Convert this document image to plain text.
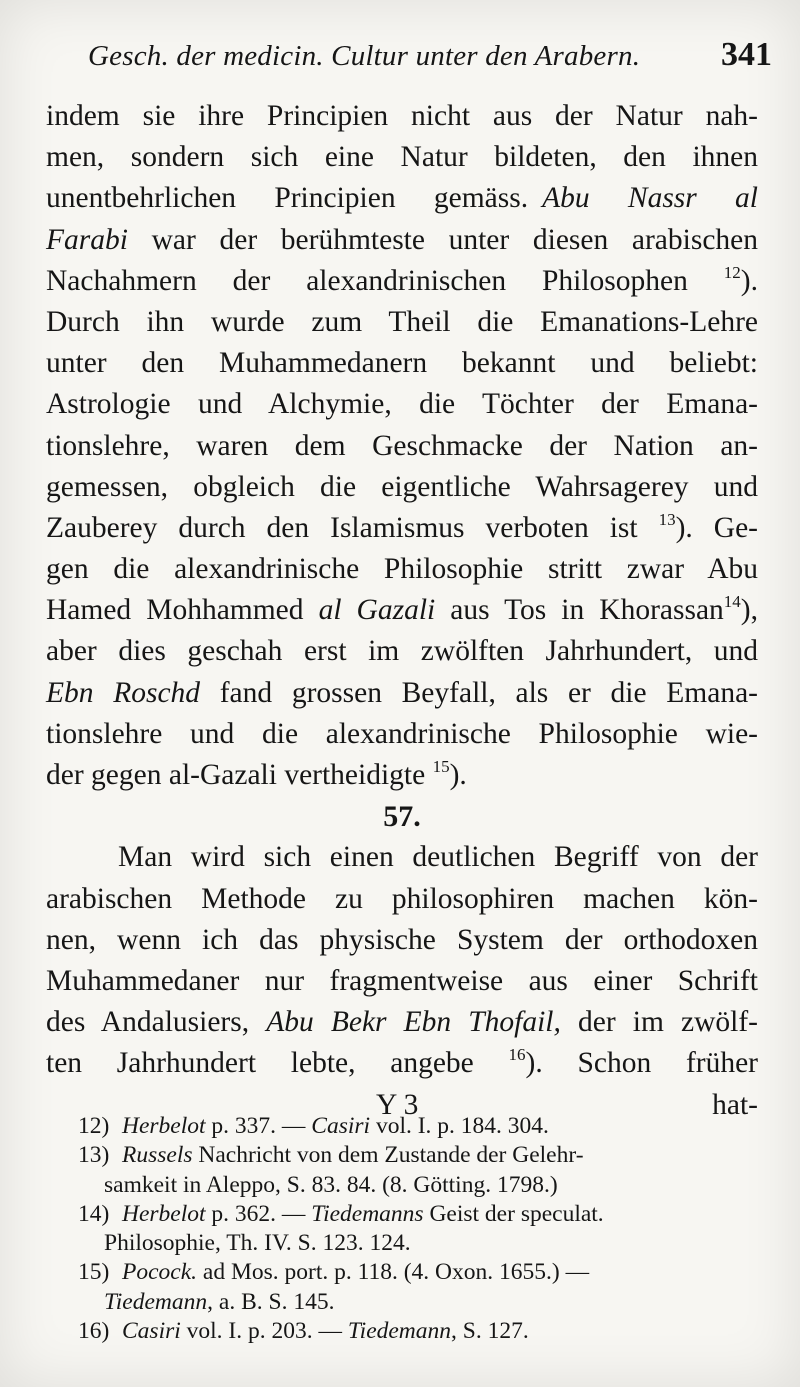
Gesch. der medicin. Cultur unter den Arabern. 341
indem sie ihre Principien nicht aus der Natur nah-
men, sondern sich eine Natur bildeten, den ihnen
unentbehrlichen Principien gemäss. Abu Nassr al
Farabi war der berühmteste unter diesen arabischen
Nachahmern der alexandrinischen Philosophen $^{12}$).
Durch ihn wurde zum Theil die Emanations-Lehre
unter den Muhammedanern bekannt und beliebt:
Astrologie und Alchymie, die Töchter der Emana-
tionslehre, waren dem Geschmacke der Nation an-
gemessen, obgleich die eigentliche Wahrsagerey und
Zauberey durch den Islamismus verboten ist $^{13}$). Ge-
gen die alexandrinische Philosophie stritt zwar Abu
Hamed Mohhammed al Gazali aus Tos in Khorassan$^{14}$),
aber dies geschah erst im zwölften Jahrhundert, und
Ebn Roschd fand grossen Beyfall, als er die Emana-
tionslehre und die alexandrinische Philosophie wie-
der gegen al-Gazali vertheidigte $^{15}$).
57.
Man wird sich einen deutlichen Begriff von der
arabischen Methode zu philosophiren machen kön-
nen, wenn ich das physische System der orthodoxen
Muhammedaner nur fragmentweise aus einer Schrift
des Andalusiers, Abu Bekr Ebn Thofail, der im zwölf-
ten Jahrhundert lebte, angebe $^{16}$). Schon früher
Y 3	hat-
12) Herbelot p. 337. — Casiri vol. I. p. 184. 304.
13) Russels Nachricht von dem Zustande der Gelehr-
samkeit in Aleppo, S. 83. 84. (8. Götting. 1798.)
14) Herbelot p. 362. — Tiedemanns Geist der speculat.
Philosophie, Th. IV. S. 123. 124.
15) Pocock. ad Mos. port. p. 118. (4. Oxon. 1655.) —
Tiedemann, a. B. S. 145.
16) Casiri vol. I. p. 203. — Tiedemann, S. 127.
